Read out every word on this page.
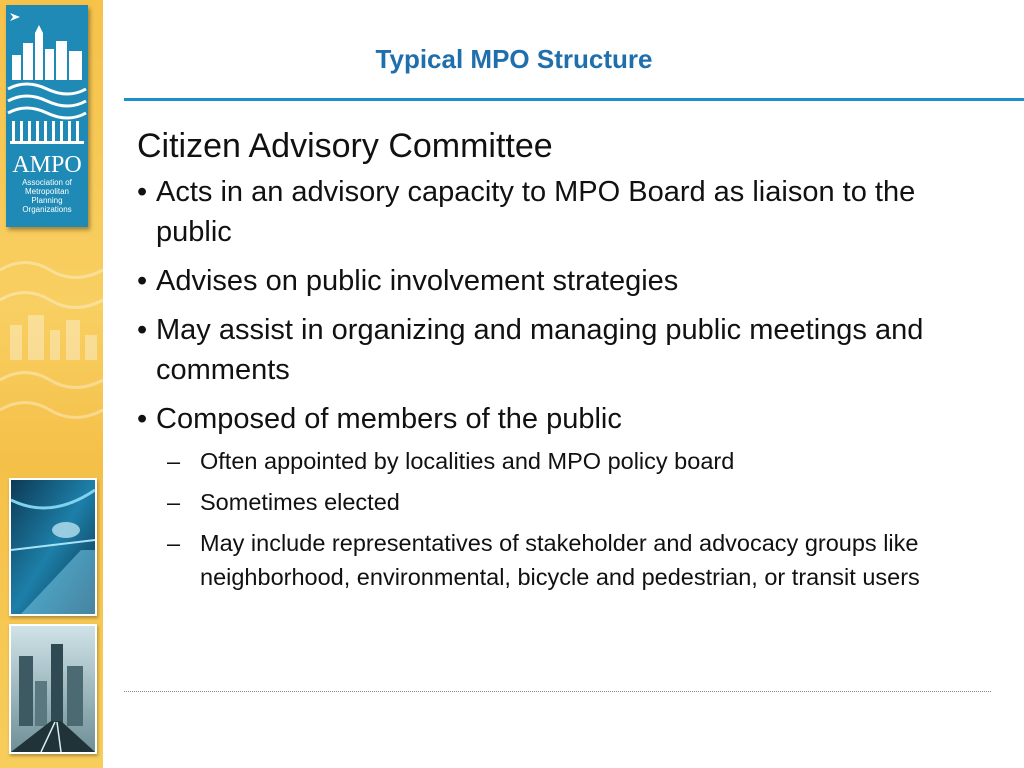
AMPO
Association of
Metropolitan
Planning
Organizations
Typical MPO Structure
Citizen Advisory Committee
• Acts in an advisory capacity to MPO Board as liaison to the public
• Advises on public involvement strategies
• May assist in organizing and managing public meetings and comments
• Composed of members of the public
– Often appointed by localities and MPO policy board
– Sometimes elected
– May include representatives of stakeholder and advocacy groups like neighborhood, environmental, bicycle and pedestrian, or transit users
